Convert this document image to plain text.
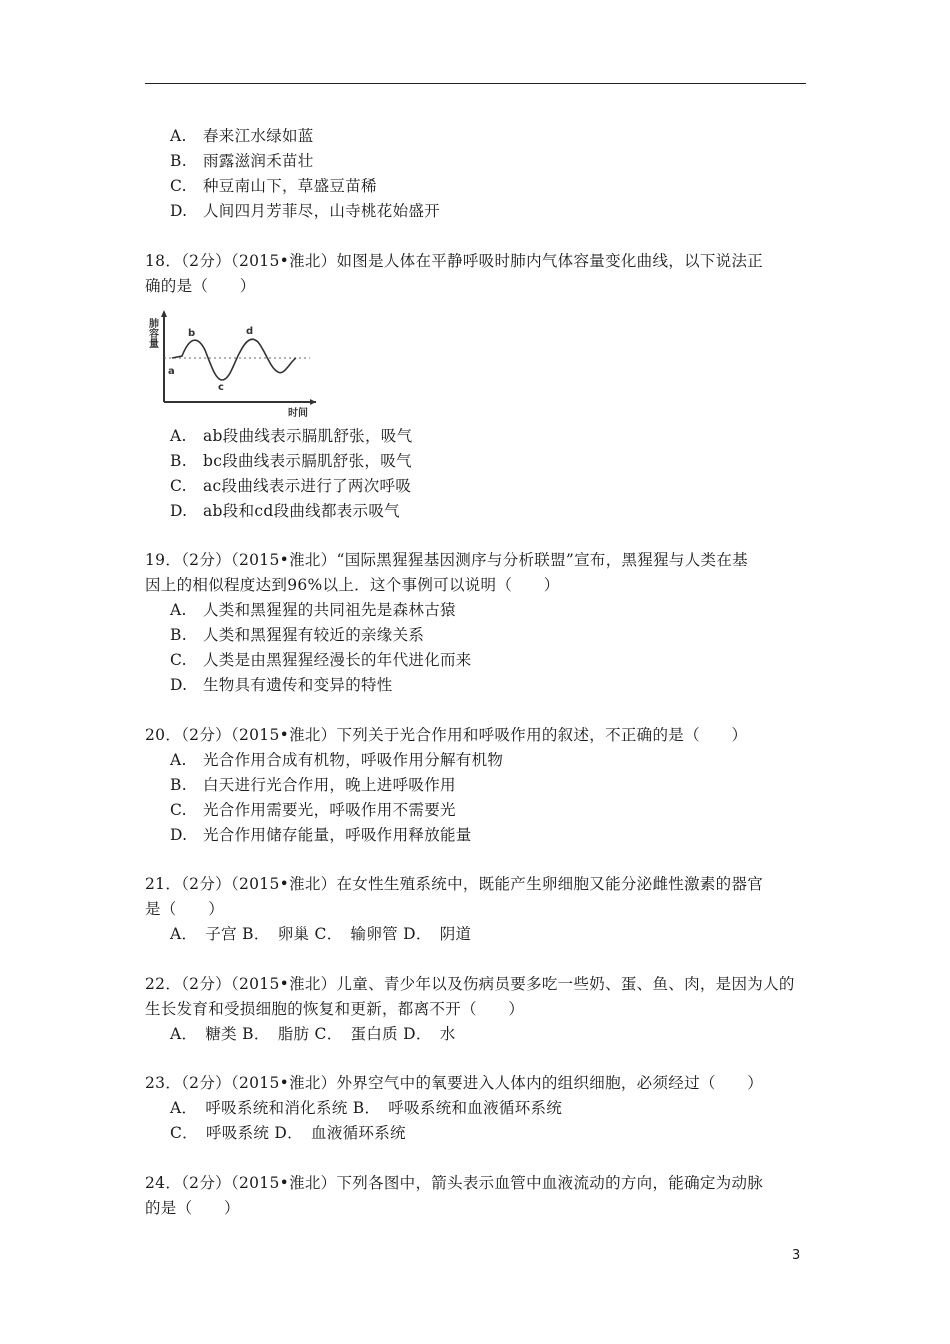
A. 春来江水绿如蓝
B. 雨露滋润禾苗壮
C. 种豆南山下，草盛豆苗稀
D. 人间四月芳菲尽，山寺桃花始盛开
18．（2分）（2015•淮北）如图是人体在平静呼吸时肺内气体容量变化曲线，以下说法正
确的是（　　）
肺容量
时间
a
b
c
d
A. ab段曲线表示膈肌舒张，吸气
B. bc段曲线表示膈肌舒张，吸气
C. ac段曲线表示进行了两次呼吸
D. ab段和cd段曲线都表示吸气
19．（2分）（2015•淮北）“国际黑猩猩基因测序与分析联盟”宣布，黑猩猩与人类在基
因上的相似程度达到96%以上．这个事例可以说明（　　）
A. 人类和黑猩猩的共同祖先是森林古猿
B. 人类和黑猩猩有较近的亲缘关系
C. 人类是由黑猩猩经漫长的年代进化而来
D. 生物具有遗传和变异的特性
20．（2分）（2015•淮北）下列关于光合作用和呼吸作用的叙述，不正确的是（　　）
A. 光合作用合成有机物，呼吸作用分解有机物
B. 白天进行光合作用，晚上进呼吸作用
C. 光合作用需要光，呼吸作用不需要光
D. 光合作用储存能量，呼吸作用释放能量
21．（2分）（2015•淮北）在女性生殖系统中，既能产生卵细胞又能分泌雌性激素的器官
是（　　）
A．　子宫 B．　卵巢 C．　输卵管 D．　阴道
22．（2分）（2015•淮北）儿童、青少年以及伤病员要多吃一些奶、蛋、鱼、肉，是因为人的
生长发育和受损细胞的恢复和更新，都离不开（　　）
A．　糖类 B．　脂肪 C．　蛋白质 D．　水
23．（2分）（2015•淮北）外界空气中的氧要进入人体内的组织细胞，必须经过（　　）
A．　呼吸系统和消化系统 B．　呼吸系统和血液循环系统
C．　呼吸系统 D．　血液循环系统
24．（2分）（2015•淮北）下列各图中，箭头表示血管中血液流动的方向，能确定为动脉
的是（　　）
3
